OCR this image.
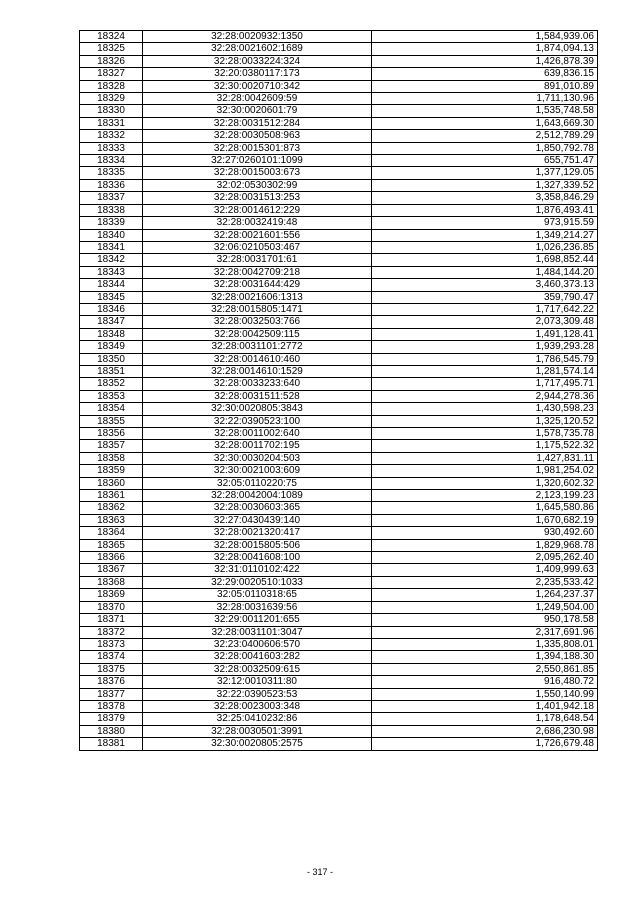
18324	32:28:0020932:1350	1,584,939.06
18325	32:28:0021602:1689	1,874,094.13
18326	32:28:0033224:324	1,426,878.39
18327	32:20:0380117:173	639,836.15
18328	32:30:0020710:342	891,010.89
18329	32:28:0042609:59	1,711,130.96
18330	32:30:0020601:79	1,535,748.58
18331	32:28:0031512:284	1,643,669.30
18332	32:28:0030508:963	2,512,789.29
18333	32:28:0015301:873	1,850,792.78
18334	32:27:0260101:1099	655,751.47
18335	32:28:0015003:673	1,377,129.05
18336	32:02:0530302:99	1,327,339.52
18337	32:28:0031513:253	3,358,846.29
18338	32:28:0014612:229	1,876,493.41
18339	32:28:0032419:48	973,915.59
18340	32:28:0021601:556	1,349,214.27
18341	32:06:0210503:467	1,026,236.85
18342	32:28:0031701:61	1,698,852.44
18343	32:28:0042709:218	1,484,144.20
18344	32:28:0031644:429	3,460,373.13
18345	32:28:0021606:1313	359,790.47
18346	32:28:0015805:1471	1,717,642.22
18347	32:28:0032503:766	2,073,309.48
18348	32:28:0042509:115	1,491,128.41
18349	32:28:0031101:2772	1,939,293.28
18350	32:28:0014610:460	1,786,545.79
18351	32:28:0014610:1529	1,281,574.14
18352	32:28:0033233:640	1,717,495.71
18353	32:28:0031511:528	2,944,278.36
18354	32:30:0020805:3843	1,430,598.23
18355	32:22:0390523:100	1,325,120.52
18356	32:28:0011002:640	1,578,735.78
18357	32:28:0011702:195	1,175,522.32
18358	32:30:0030204:503	1,427,831.11
18359	32:30:0021003:609	1,981,254.02
18360	32:05:0110220:75	1,320,602.32
18361	32:28:0042004:1089	2,123,199.23
18362	32:28:0030603:365	1,645,580.86
18363	32:27:0430439:140	1,670,682.19
18364	32:28:0021320:417	930,492.60
18365	32:28:0015805:506	1,829,968.78
18366	32:28:0041608:100	2,095,262.40
18367	32:31:0110102:422	1,409,999.63
18368	32:29:0020510:1033	2,235,533.42
18369	32:05:0110318:65	1,264,237.37
18370	32:28:0031639:56	1,249,504.00
18371	32:29:0011201:655	950,178.58
18372	32:28:0031101:3047	2,317,691.96
18373	32:23:0400606:570	1,335,808.01
18374	32:28:0041603:282	1,394,188.30
18375	32:28:0032509:615	2,550,861.85
18376	32:12:0010311:80	916,480.72
18377	32:22:0390523:53	1,550,140.99
18378	32:28:0023003:348	1,401,942.18
18379	32:25:0410232:86	1,178,648.54
18380	32:28:0030501:3991	2,686,230.98
18381	32:30:0020805:2575	1,726,679.48
- 317 -
